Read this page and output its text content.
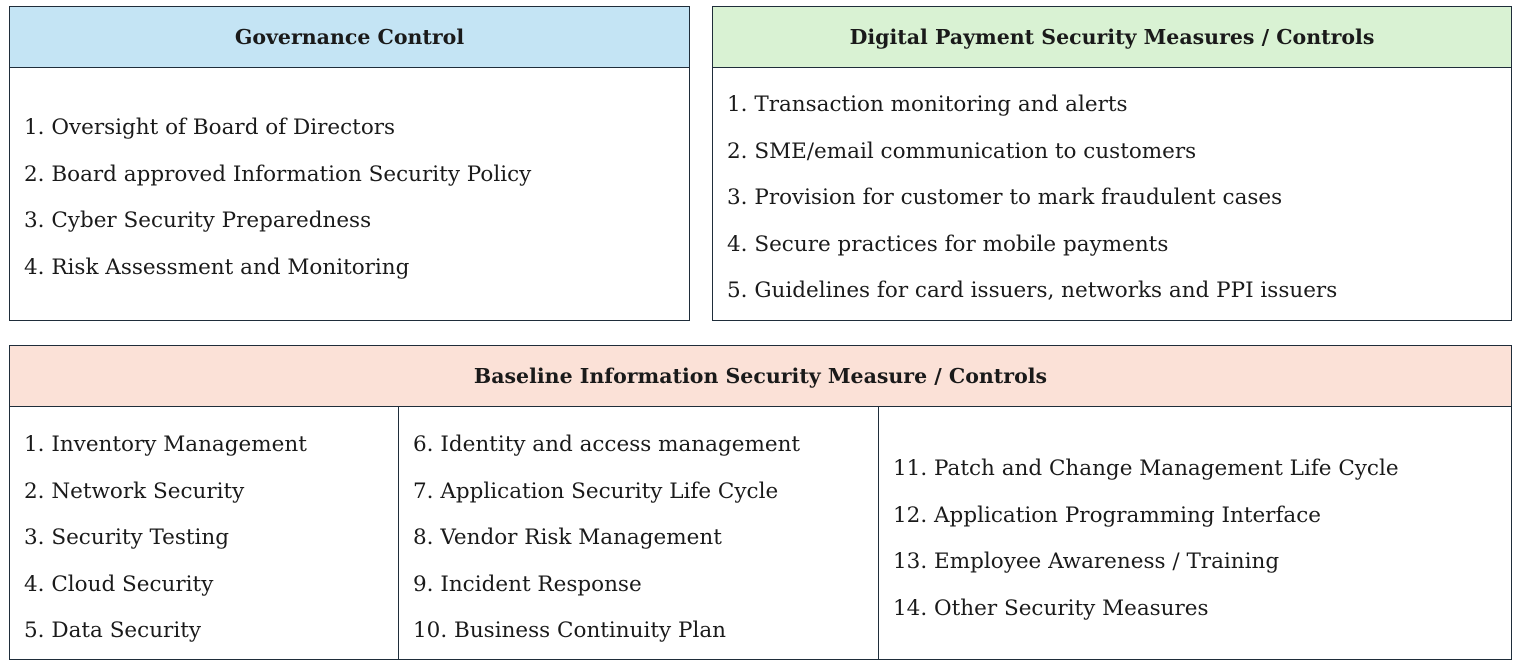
Governance Control
1. Oversight of Board of Directors
2. Board approved Information Security Policy
3. Cyber Security Preparedness
4. Risk Assessment and Monitoring
Digital Payment Security Measures / Controls
1. Transaction monitoring and alerts
2. SME/email communication to customers
3. Provision for customer to mark fraudulent cases
4. Secure practices for mobile payments
5. Guidelines for card issuers, networks and PPI issuers
Baseline Information Security Measure / Controls
1. Inventory Management
2. Network Security
3. Security Testing
4. Cloud Security
5. Data Security
6. Identity and access management
7. Application Security Life Cycle
8. Vendor Risk Management
9. Incident Response
10. Business Continuity Plan
11. Patch and Change Management Life Cycle
12. Application Programming Interface
13. Employee Awareness / Training
14. Other Security Measures
